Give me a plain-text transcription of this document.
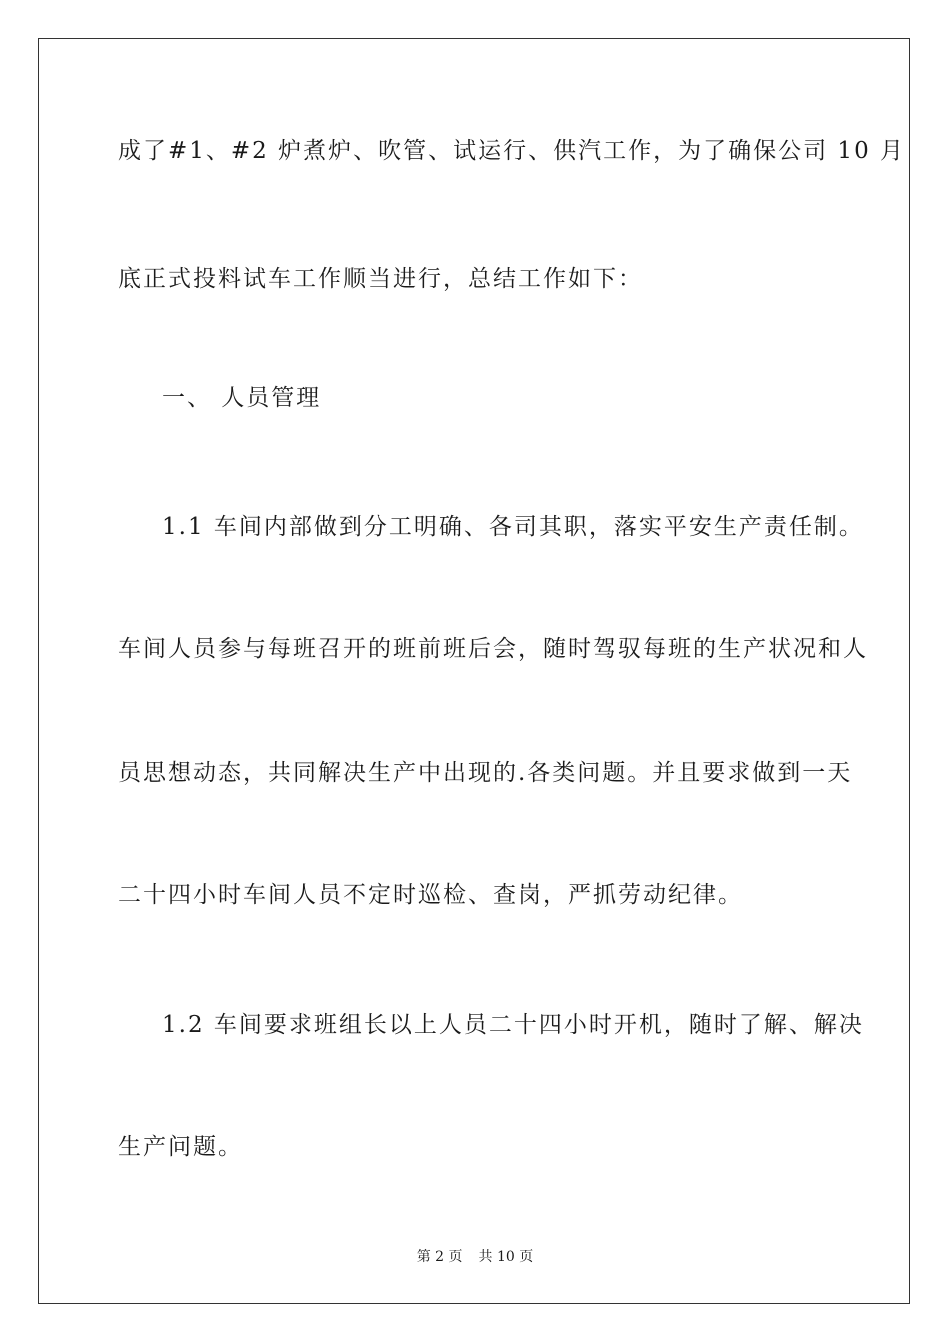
成了#1、#2 炉煮炉、吹管、试运行、供汽工作，为了确保公司 10 月
底正式投料试车工作顺当进行，总结工作如下：
一、 人员管理
1.1 车间内部做到分工明确、各司其职，落实平安生产责任制。
车间人员参与每班召开的班前班后会，随时驾驭每班的生产状况和人
员思想动态，共同解决生产中出现的.各类问题。并且要求做到一天
二十四小时车间人员不定时巡检、查岗，严抓劳动纪律。
1.2 车间要求班组长以上人员二十四小时开机，随时了解、解决
生产问题。
第 2 页 共 10 页
